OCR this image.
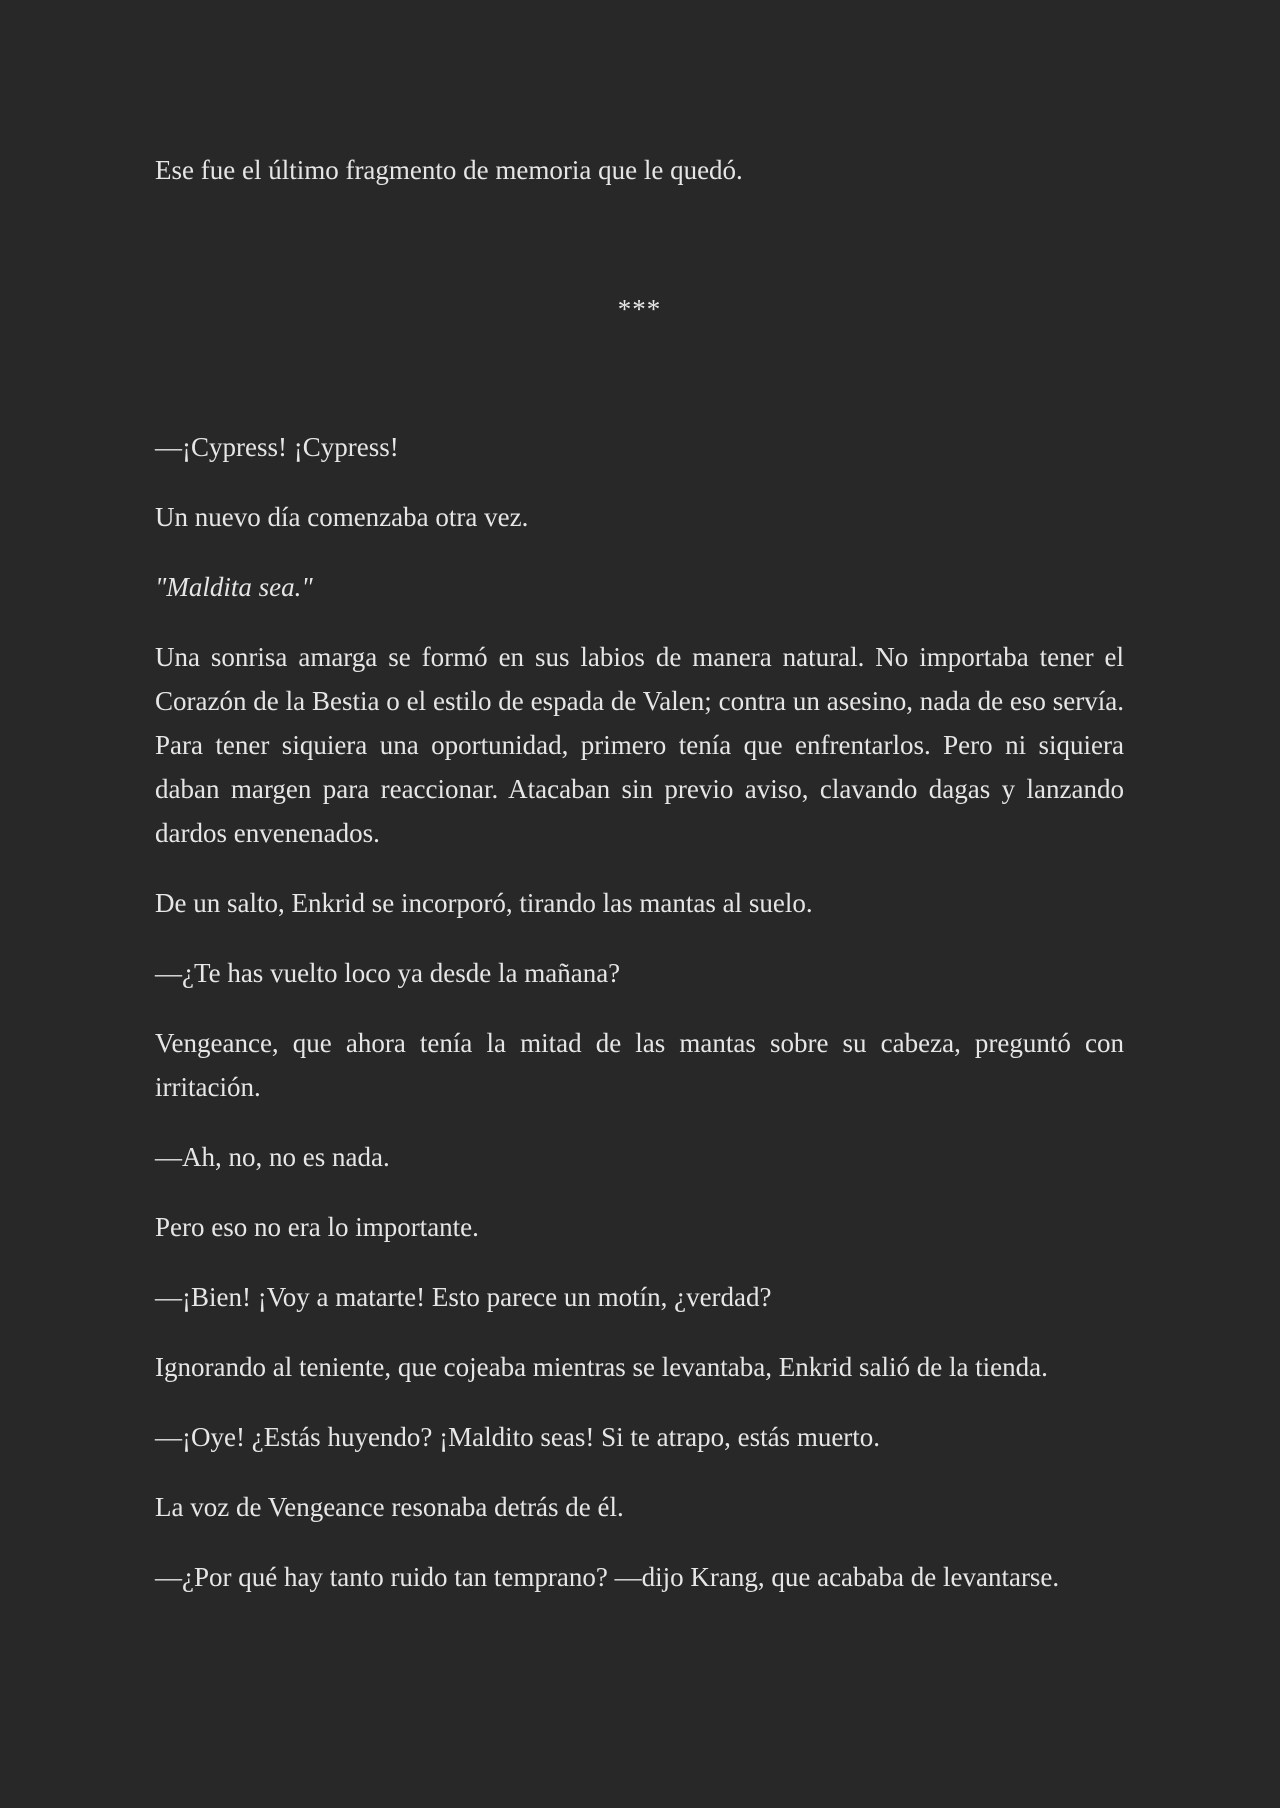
Ese fue el último fragmento de memoria que le quedó.

***

—¡Cypress! ¡Cypress!

Un nuevo día comenzaba otra vez.

"Maldita sea."

Una sonrisa amarga se formó en sus labios de manera natural. No importaba tener el Corazón de la Bestia o el estilo de espada de Valen; contra un asesino, nada de eso servía. Para tener siquiera una oportunidad, primero tenía que enfrentarlos. Pero ni siquiera daban margen para reaccionar. Atacaban sin previo aviso, clavando dagas y lanzando dardos envenenados.

De un salto, Enkrid se incorporó, tirando las mantas al suelo.

—¿Te has vuelto loco ya desde la mañana?

Vengeance, que ahora tenía la mitad de las mantas sobre su cabeza, preguntó con irritación.

—Ah, no, no es nada.

Pero eso no era lo importante.

—¡Bien! ¡Voy a matarte! Esto parece un motín, ¿verdad?

Ignorando al teniente, que cojeaba mientras se levantaba, Enkrid salió de la tienda.

—¡Oye! ¿Estás huyendo? ¡Maldito seas! Si te atrapo, estás muerto.

La voz de Vengeance resonaba detrás de él.

—¿Por qué hay tanto ruido tan temprano? —dijo Krang, que acababa de levantarse.
